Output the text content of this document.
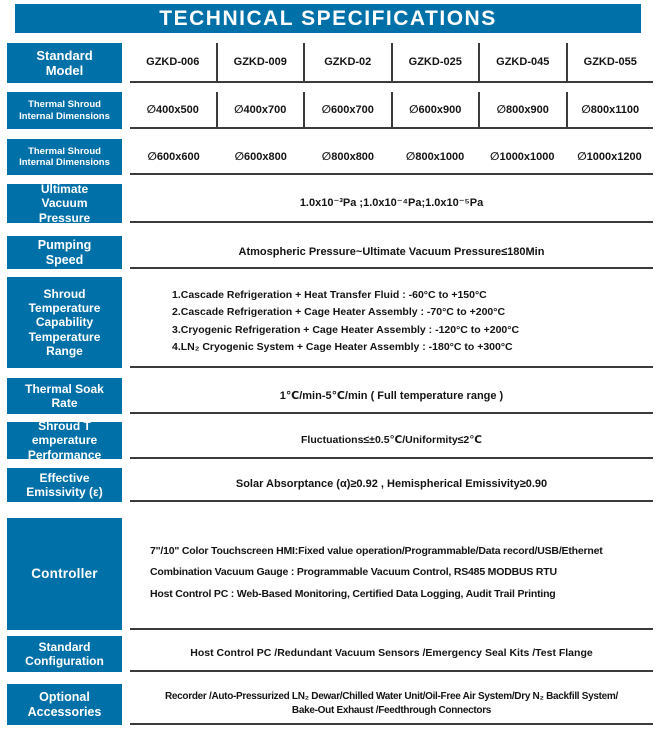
TECHNICAL SPECIFICATIONS
Standard
Model
GZKD-006	GZKD-009	GZKD-02	GZKD-025	GZKD-045	GZKD-055
Thermal Shroud
Internal Dimensions	∅400x500	∅400x700	∅600x700	∅600x900	∅800x900	∅800x1100
Thermal Shroud
Internal Dimensions	∅600x600	∅600x800	∅800x800	∅800x1000	∅1000x1000	∅1000x1200
Ultimate
Vacuum
Pressure
1.0x10⁻³Pa ;1.0x10⁻⁴Pa;1.0x10⁻⁵Pa
Pumping
Speed
Atmospheric Pressure~Ultimate Vacuum Pressure≤180Min
Shroud
Temperature
Capability
Temperature
Range
1.Cascade Refrigeration + Heat Transfer Fluid : -60°C to +150°C
2.Cascade Refrigeration + Cage Heater Assembly : -70°C to +200°C
3.Cryogenic Refrigeration + Cage Heater Assembly : -120°C to +200°C
4.LN₂ Cryogenic System + Cage Heater Assembly : -180°C to +300°C
Thermal Soak
Rate
1℃/min-5℃/min ( Full temperature range )
Shroud T
emperature
Performance
Fluctuations≤±0.5℃/Uniformity≤2℃
Effective
Emissivity (ε)
Solar Absorptance (α)≥0.92 , Hemispherical Emissivity≥0.90
Controller
7"/10" Color Touchscreen HMI:Fixed value operation/Programmable/Data record/USB/Ethernet
Combination Vacuum Gauge : Programmable Vacuum Control, RS485 MODBUS RTU
Host Control PC : Web-Based Monitoring, Certified Data Logging, Audit Trail Printing
Standard
Configuration
Host Control PC /Redundant Vacuum Sensors /Emergency Seal Kits /Test Flange
Optional
Accessories
Recorder /Auto-Pressurized LN₂ Dewar/Chilled Water Unit/Oil-Free Air System/Dry N₂ Backfill System/
Bake-Out Exhaust /Feedthrough Connectors
